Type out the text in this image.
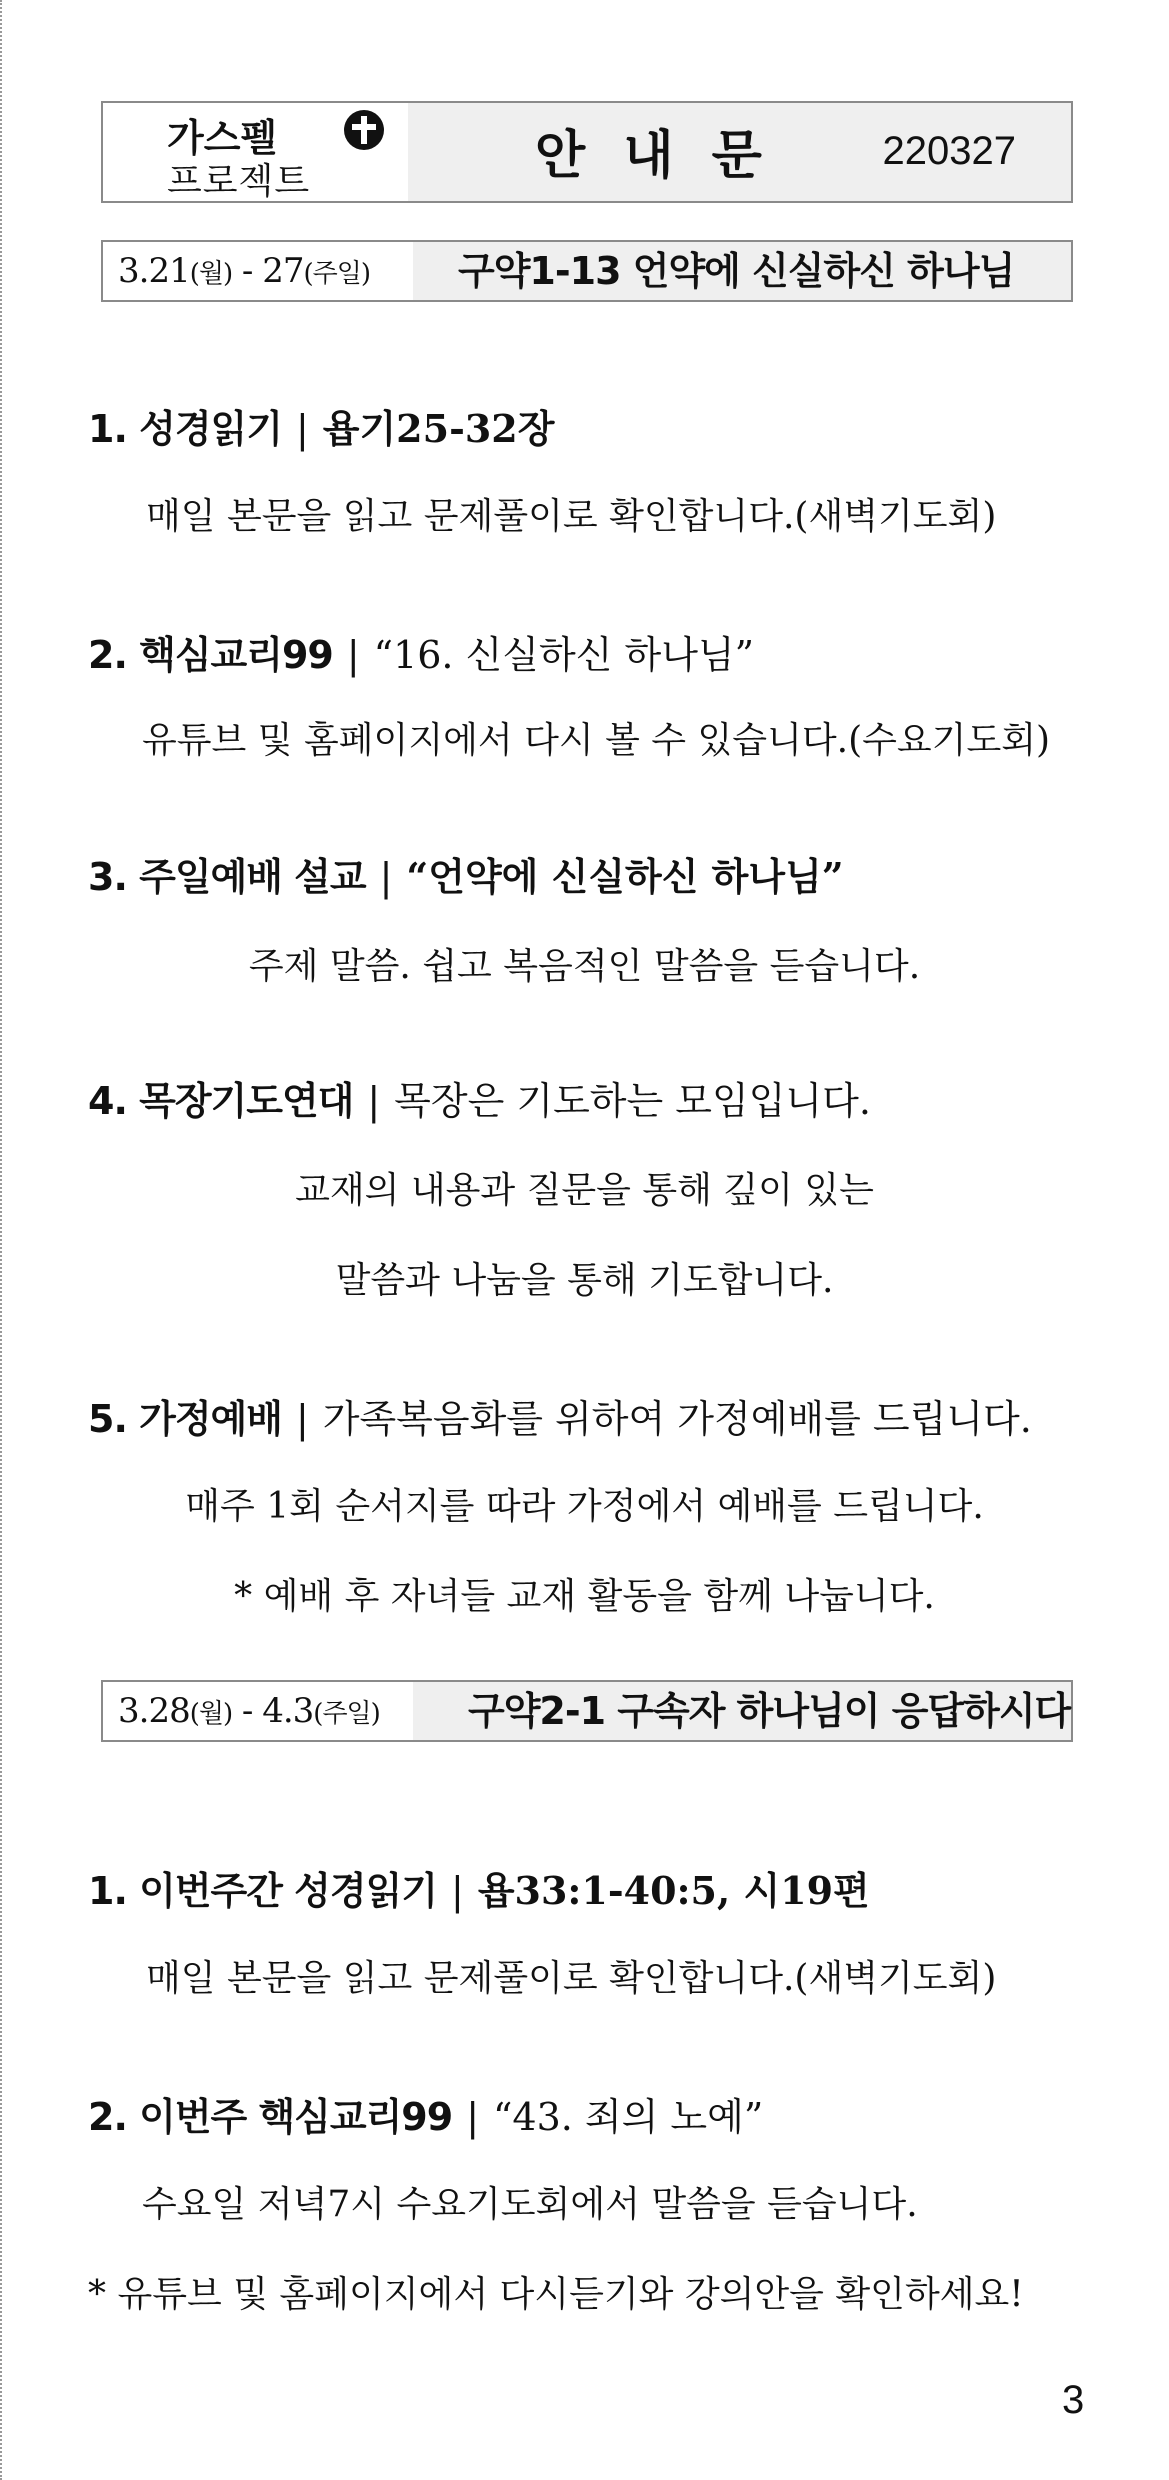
가스펠
프로젝트	안 내 문	220327
3.21(월) - 27(주일)	구약1-13 언약에 신실하신 하나님
1. 성경읽기 | 욥기25-32장
매일 본문을 읽고 문제풀이로 확인합니다.(새벽기도회)
2. 핵심교리99 | “16. 신실하신 하나님”
유튜브 및 홈페이지에서 다시 볼 수 있습니다.(수요기도회)
3. 주일예배 설교 | “언약에 신실하신 하나님”
주제 말씀. 쉽고 복음적인 말씀을 듣습니다.
4. 목장기도연대 | 목장은 기도하는 모임입니다.
교재의 내용과 질문을 통해 깊이 있는
말씀과 나눔을 통해 기도합니다.
5. 가정예배 | 가족복음화를 위하여 가정예배를 드립니다.
매주 1회 순서지를 따라 가정에서 예배를 드립니다.
* 예배 후 자녀들 교재 활동을 함께 나눕니다.
3.28(월) - 4.3(주일)	구약2-1 구속자 하나님이 응답하시다
1. 이번주간 성경읽기 | 욥33:1-40:5, 시19편
매일 본문을 읽고 문제풀이로 확인합니다.(새벽기도회)
2. 이번주 핵심교리99 | “43. 죄의 노예”
수요일 저녁7시 수요기도회에서 말씀을 듣습니다.
* 유튜브 및 홈페이지에서 다시듣기와 강의안을 확인하세요!
3
